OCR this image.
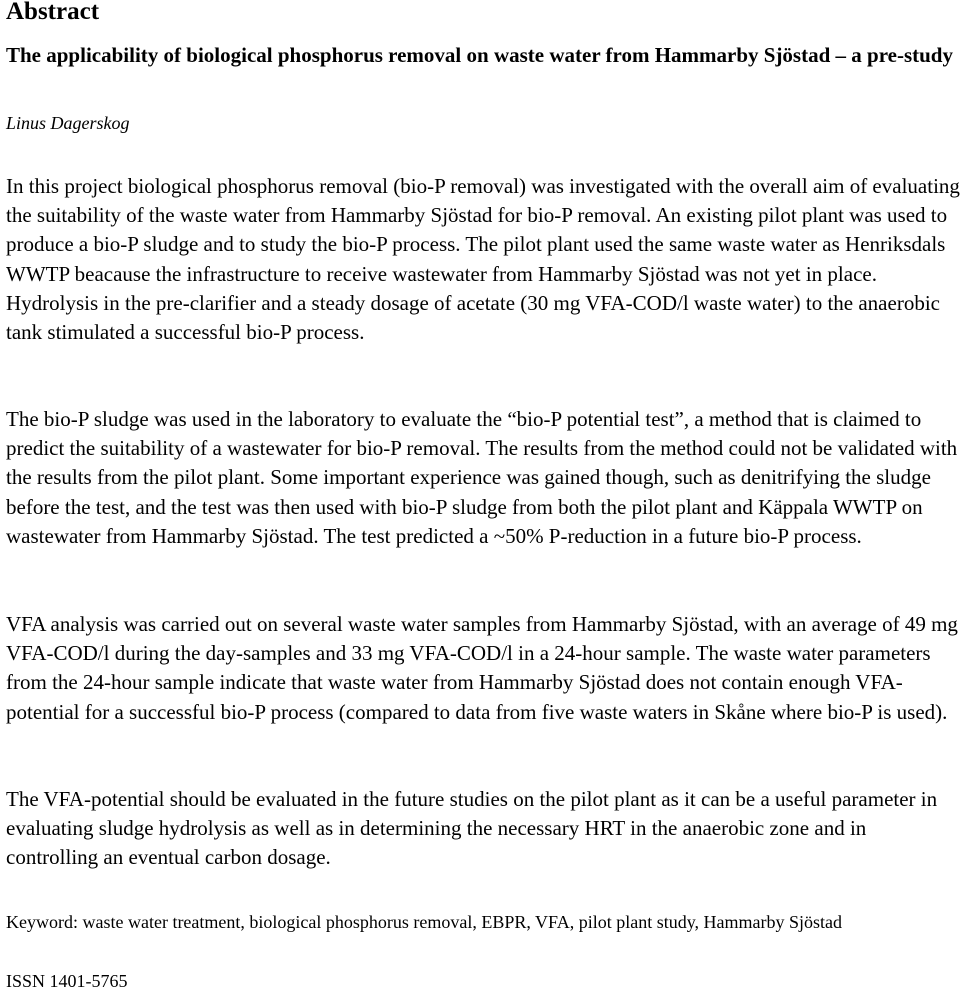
Abstract
The applicability of biological phosphorus removal on waste water from Hammarby Sjöstad – a pre-study

Linus Dagerskog

In this project biological phosphorus removal (bio-P removal) was investigated with the overall aim of evaluating the suitability of the waste water from Hammarby Sjöstad for bio-P removal. An existing pilot plant was used to produce a bio-P sludge and to study the bio-P process. The pilot plant used the same waste water as Henriksdals WWTP beacause the infrastructure to receive wastewater from Hammarby Sjöstad was not yet in place. Hydrolysis in the pre-clarifier and a steady dosage of acetate (30 mg VFA-COD/l waste water) to the anaerobic tank stimulated a successful bio-P process.

The bio-P sludge was used in the laboratory to evaluate the “bio-P potential test”, a method that is claimed to predict the suitability of a wastewater for bio-P removal. The results from the method could not be validated with the results from the pilot plant. Some important experience was gained though, such as denitrifying the sludge before the test, and the test was then used with bio-P sludge from both the pilot plant and Käppala WWTP on wastewater from Hammarby Sjöstad. The test predicted a ~50% P-reduction in a future bio-P process.

VFA analysis was carried out on several waste water samples from Hammarby Sjöstad, with an average of 49 mg VFA-COD/l during the day-samples and 33 mg VFA-COD/l in a 24-hour sample. The waste water parameters from the 24-hour sample indicate that waste water from Hammarby Sjöstad does not contain enough VFA-potential for a successful bio-P process (compared to data from five waste waters in Skåne where bio-P is used).

The VFA-potential should be evaluated in the future studies on the pilot plant as it can be a useful parameter in evaluating sludge hydrolysis as well as in determining the necessary HRT in the anaerobic zone and in controlling an eventual carbon dosage.

Keyword: waste water treatment, biological phosphorus removal, EBPR, VFA, pilot plant study, Hammarby Sjöstad

ISSN 1401-5765
